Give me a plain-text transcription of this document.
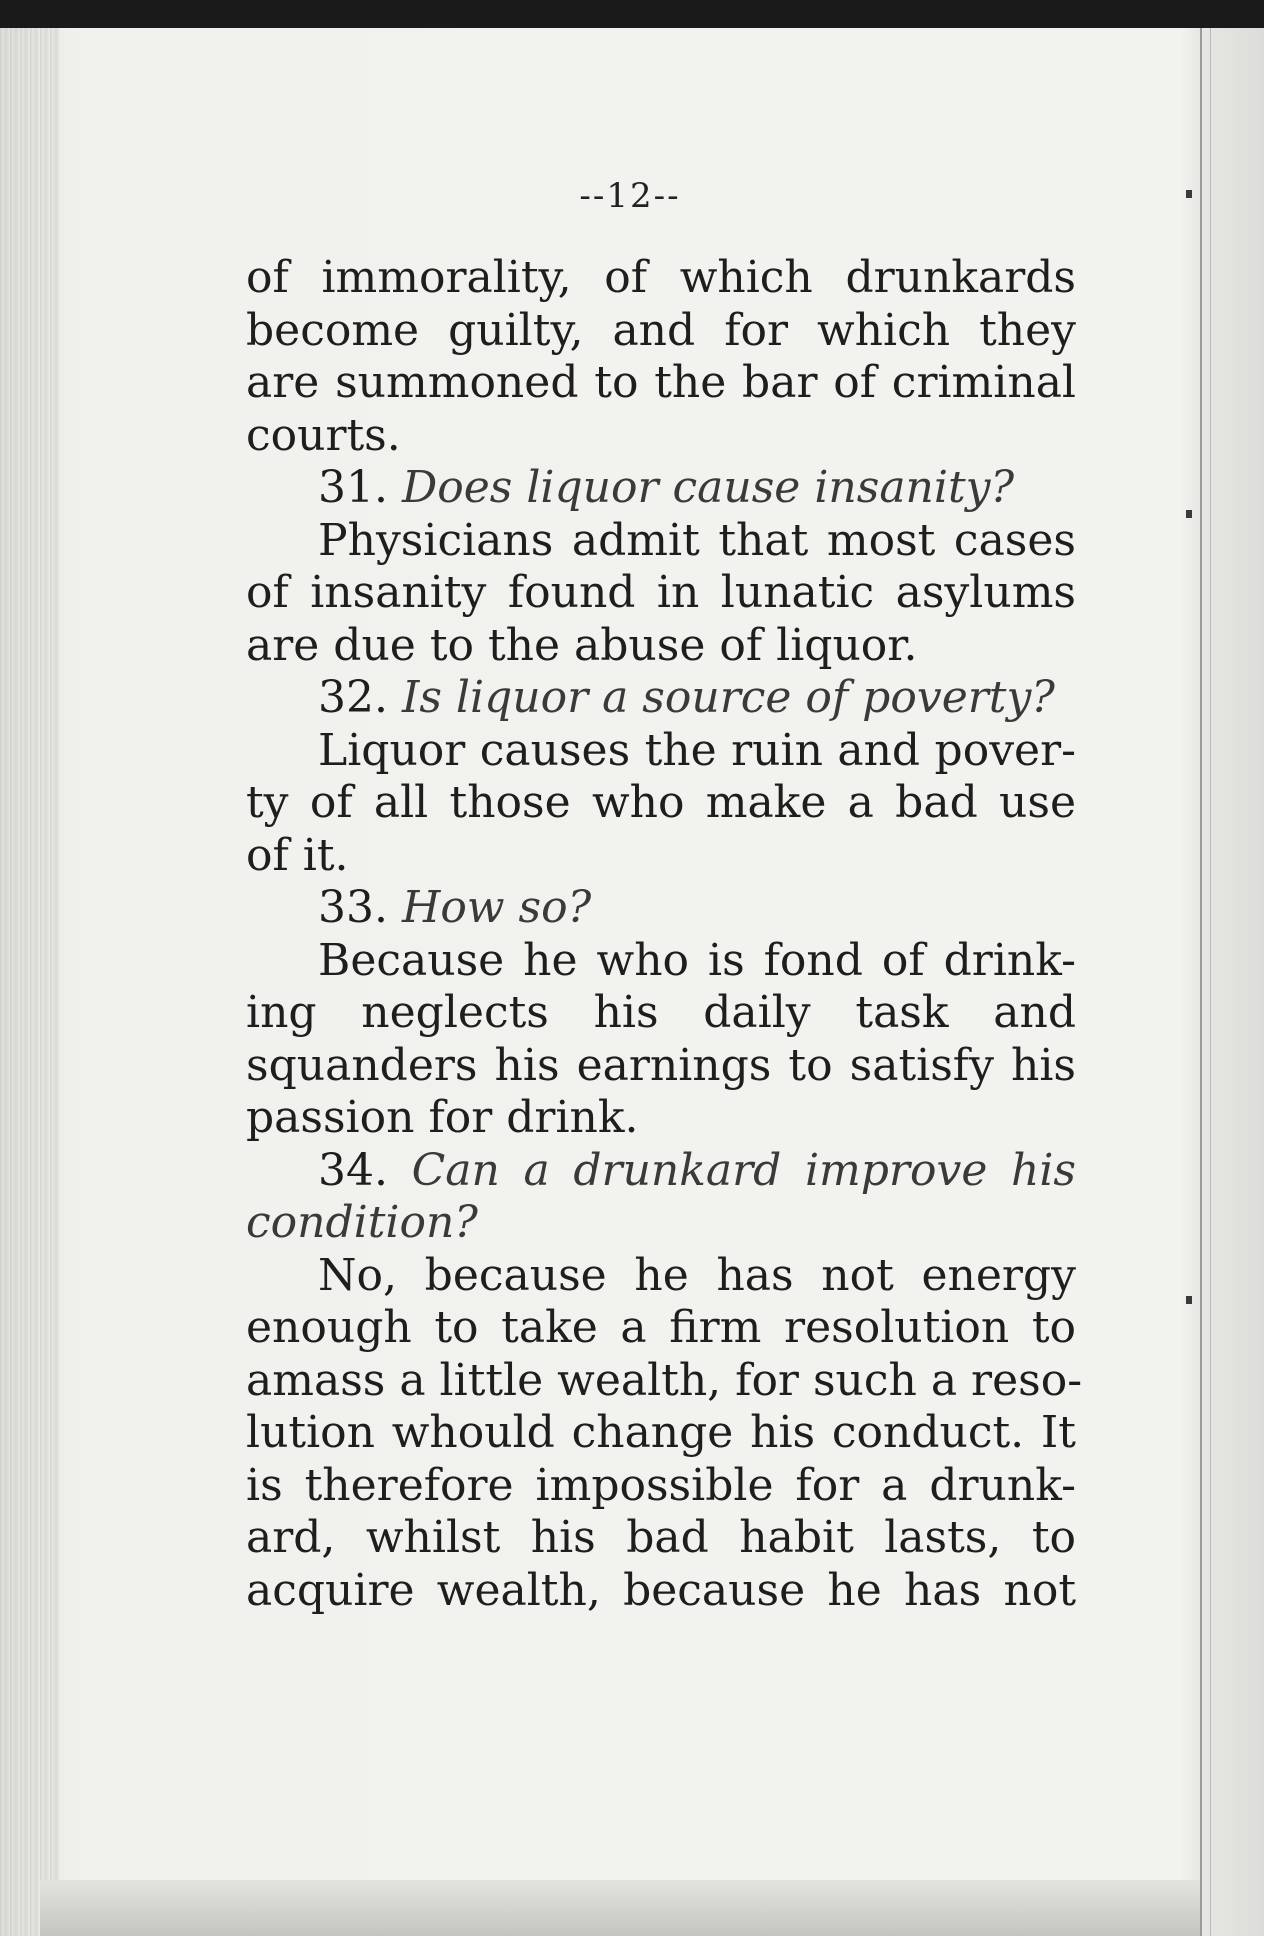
--12--
of immorality, of which drunkards
become guilty, and for which they
are summoned to the bar of criminal
courts.
31. Does liquor cause insanity?
Physicians admit that most cases
of insanity found in lunatic asylums
are due to the abuse of liquor.
32. Is liquor a source of poverty?
Liquor causes the ruin and pover-
ty of all those who make a bad use
of it.
33. How so?
Because he who is fond of drink-
ing neglects his daily task and
squanders his earnings to satisfy his
passion for drink.
34. Can a drunkard improve his
condition?
No, because he has not energy
enough to take a firm resolution to
amass a little wealth, for such a reso-
lution whould change his conduct. It
is therefore impossible for a drunk-
ard, whilst his bad habit lasts, to
acquire wealth, because he has not
